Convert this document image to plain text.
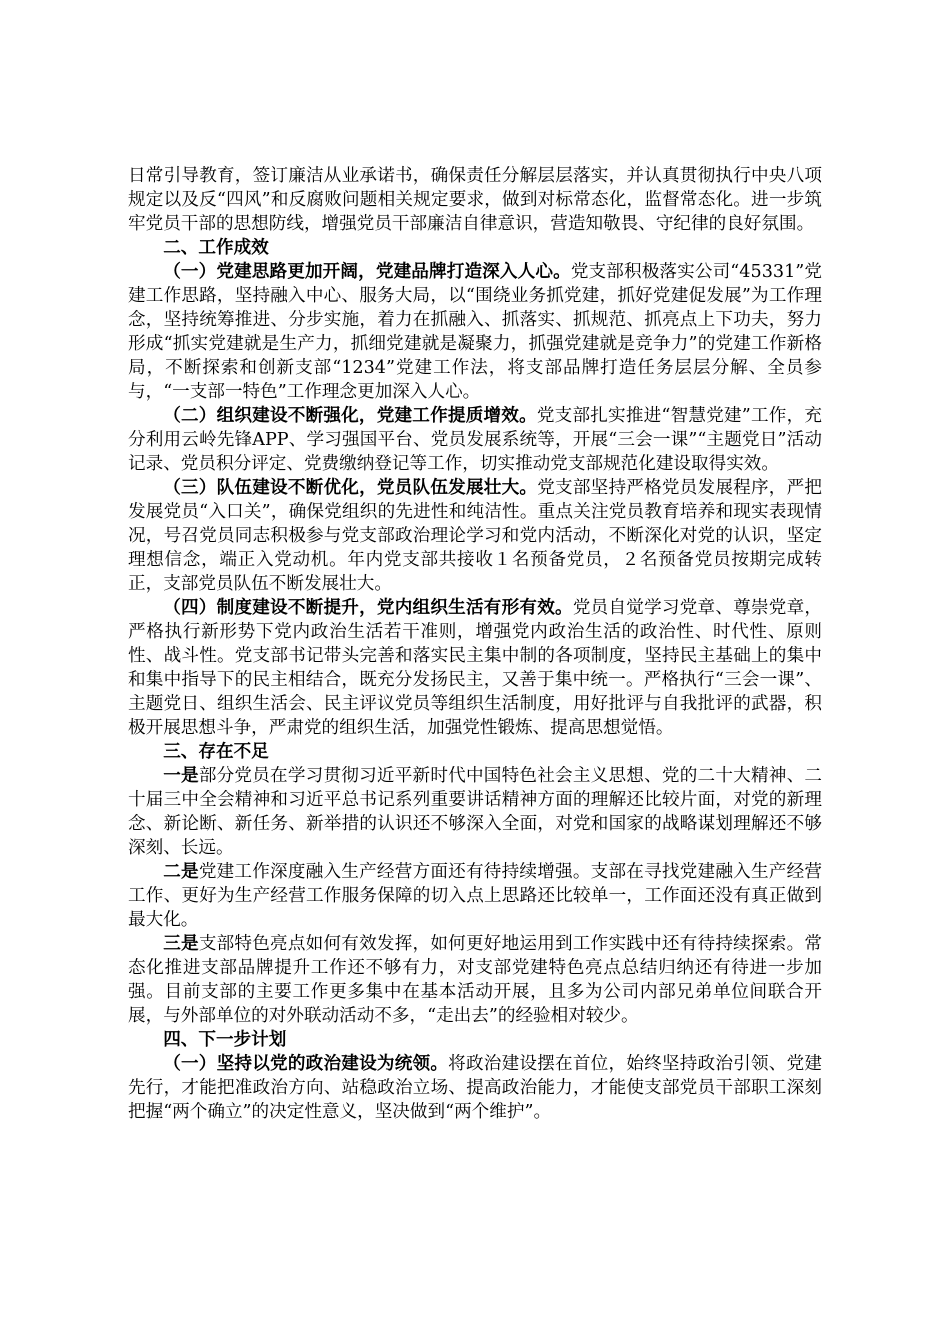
日常引导教育，签订廉洁从业承诺书，确保责任分解层层落实，并认真贯彻执行中央八项规定以及反“四风”和反腐败问题相关规定要求，做到对标常态化，监督常态化。进一步筑牢党员干部的思想防线，增强党员干部廉洁自律意识，营造知敬畏、守纪律的良好氛围。

二、工作成效

（一）党建思路更加开阔，党建品牌打造深入人心。党支部积极落实公司“45331”党建工作思路，坚持融入中心、服务大局，以“围绕业务抓党建，抓好党建促发展”为工作理念，坚持统筹推进、分步实施，着力在抓融入、抓落实、抓规范、抓亮点上下功夫，努力形成“抓实党建就是生产力，抓细党建就是凝聚力，抓强党建就是竞争力”的党建工作新格局，不断探索和创新支部“1234”党建工作法，将支部品牌打造任务层层分解、全员参与，“一支部一特色”工作理念更加深入人心。

（二）组织建设不断强化，党建工作提质增效。党支部扎实推进“智慧党建”工作，充分利用云岭先锋APP、学习强国平台、党员发展系统等，开展“三会一课”“主题党日”活动记录、党员积分评定、党费缴纳登记等工作，切实推动党支部规范化建设取得实效。

（三）队伍建设不断优化，党员队伍发展壮大。党支部坚持严格党员发展程序，严把发展党员“入口关”，确保党组织的先进性和纯洁性。重点关注党员教育培养和现实表现情况，号召党员同志积极参与党支部政治理论学习和党内活动，不断深化对党的认识，坚定理想信念，端正入党动机。年内党支部共接收１名预备党员，２名预备党员按期完成转正，支部党员队伍不断发展壮大。

（四）制度建设不断提升，党内组织生活有形有效。党员自觉学习党章、尊崇党章，严格执行新形势下党内政治生活若干准则，增强党内政治生活的政治性、时代性、原则性、战斗性。党支部书记带头完善和落实民主集中制的各项制度，坚持民主基础上的集中和集中指导下的民主相结合，既充分发扬民主，又善于集中统一。严格执行“三会一课”、主题党日、组织生活会、民主评议党员等组织生活制度，用好批评与自我批评的武器，积极开展思想斗争，严肃党的组织生活，加强党性锻炼、提高思想觉悟。

三、存在不足

一是部分党员在学习贯彻习近平新时代中国特色社会主义思想、党的二十大精神、二十届三中全会精神和习近平总书记系列重要讲话精神方面的理解还比较片面，对党的新理念、新论断、新任务、新举措的认识还不够深入全面，对党和国家的战略谋划理解还不够深刻、长远。

二是党建工作深度融入生产经营方面还有待持续增强。支部在寻找党建融入生产经营工作、更好为生产经营工作服务保障的切入点上思路还比较单一，工作面还没有真正做到最大化。

三是支部特色亮点如何有效发挥，如何更好地运用到工作实践中还有待持续探索。常态化推进支部品牌提升工作还不够有力，对支部党建特色亮点总结归纳还有待进一步加强。目前支部的主要工作更多集中在基本活动开展，且多为公司内部兄弟单位间联合开展，与外部单位的对外联动活动不多，“走出去”的经验相对较少。

四、下一步计划

（一）坚持以党的政治建设为统领。将政治建设摆在首位，始终坚持政治引领、党建先行，才能把准政治方向、站稳政治立场、提高政治能力，才能使支部党员干部职工深刻把握“两个确立”的决定性意义，坚决做到“两个维护”。
